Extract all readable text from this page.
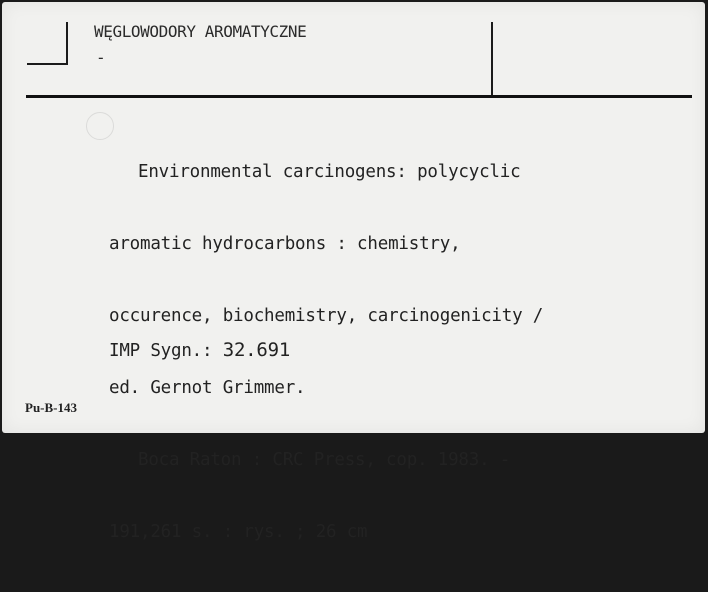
WĘGLOWODORY AROMATYCZNE
-

Environmental carcinogens: polycyclic

aromatic hydrocarbons : chemistry,

occurence, biochemistry, carcinogenicity /

ed. Gernot Grimmer.

Boca Raton : CRC Press, cop. 1983. -

191,261 s. : rys. ; 26 cm

IMP Sygn.: 32.691
Pu-B-143
